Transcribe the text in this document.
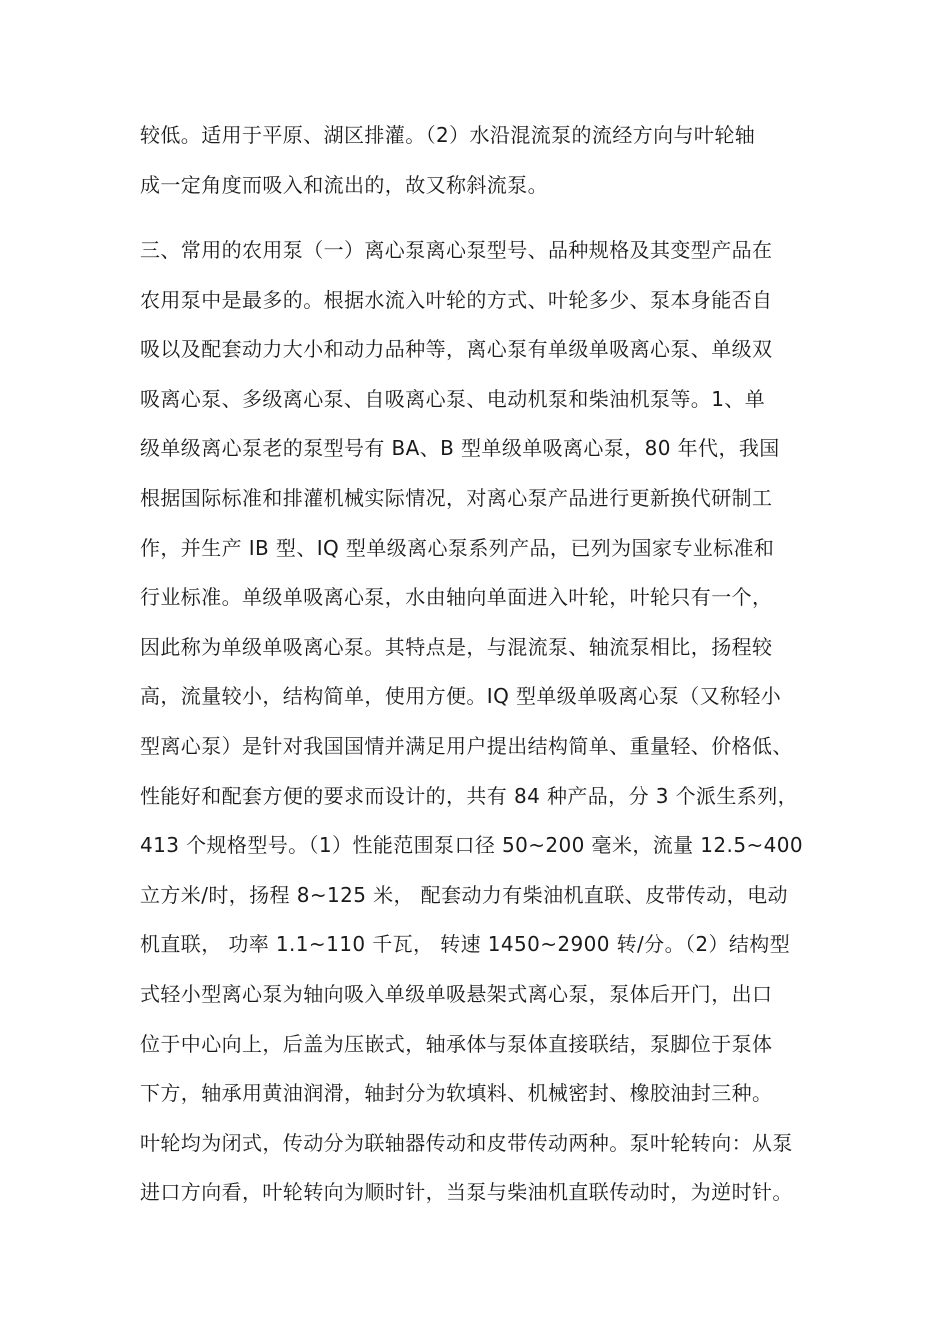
较低。适用于平原、湖区排灌。（2）水沿混流泵的流经方向与叶轮轴
成一定角度而吸入和流出的，故又称斜流泵。
三、常用的农用泵（一）离心泵离心泵型号、品种规格及其变型产品在
农用泵中是最多的。根据水流入叶轮的方式、叶轮多少、泵本身能否自
吸以及配套动力大小和动力品种等，离心泵有单级单吸离心泵、单级双
吸离心泵、多级离心泵、自吸离心泵、电动机泵和柴油机泵等。1、单
级单级离心泵老的泵型号有 BA、B 型单级单吸离心泵，80 年代，我国
根据国际标准和排灌机械实际情况，对离心泵产品进行更新换代研制工
作，并生产 IB 型、IQ 型单级离心泵系列产品，已列为国家专业标准和
行业标准。单级单吸离心泵，水由轴向单面进入叶轮，叶轮只有一个，
因此称为单级单吸离心泵。其特点是，与混流泵、轴流泵相比，扬程较
高，流量较小，结构简单，使用方便。IQ 型单级单吸离心泵（又称轻小
型离心泵）是针对我国国情并满足用户提出结构简单、重量轻、价格低、
性能好和配套方便的要求而设计的，共有 84 种产品，分 3 个派生系列，
413 个规格型号。（1）性能范围泵口径 50~200 毫米，流量 12.5~400
立方米/时，扬程 8~125 米， 配套动力有柴油机直联、皮带传动，电动
机直联， 功率 1.1~110 千瓦， 转速 1450~2900 转/分。（2）结构型
式轻小型离心泵为轴向吸入单级单吸悬架式离心泵，泵体后开门，出口
位于中心向上，后盖为压嵌式，轴承体与泵体直接联结，泵脚位于泵体
下方，轴承用黄油润滑，轴封分为软填料、机械密封、橡胶油封三种。
叶轮均为闭式，传动分为联轴器传动和皮带传动两种。泵叶轮转向：从泵
进口方向看，叶轮转向为顺时针，当泵与柴油机直联传动时，为逆时针。
